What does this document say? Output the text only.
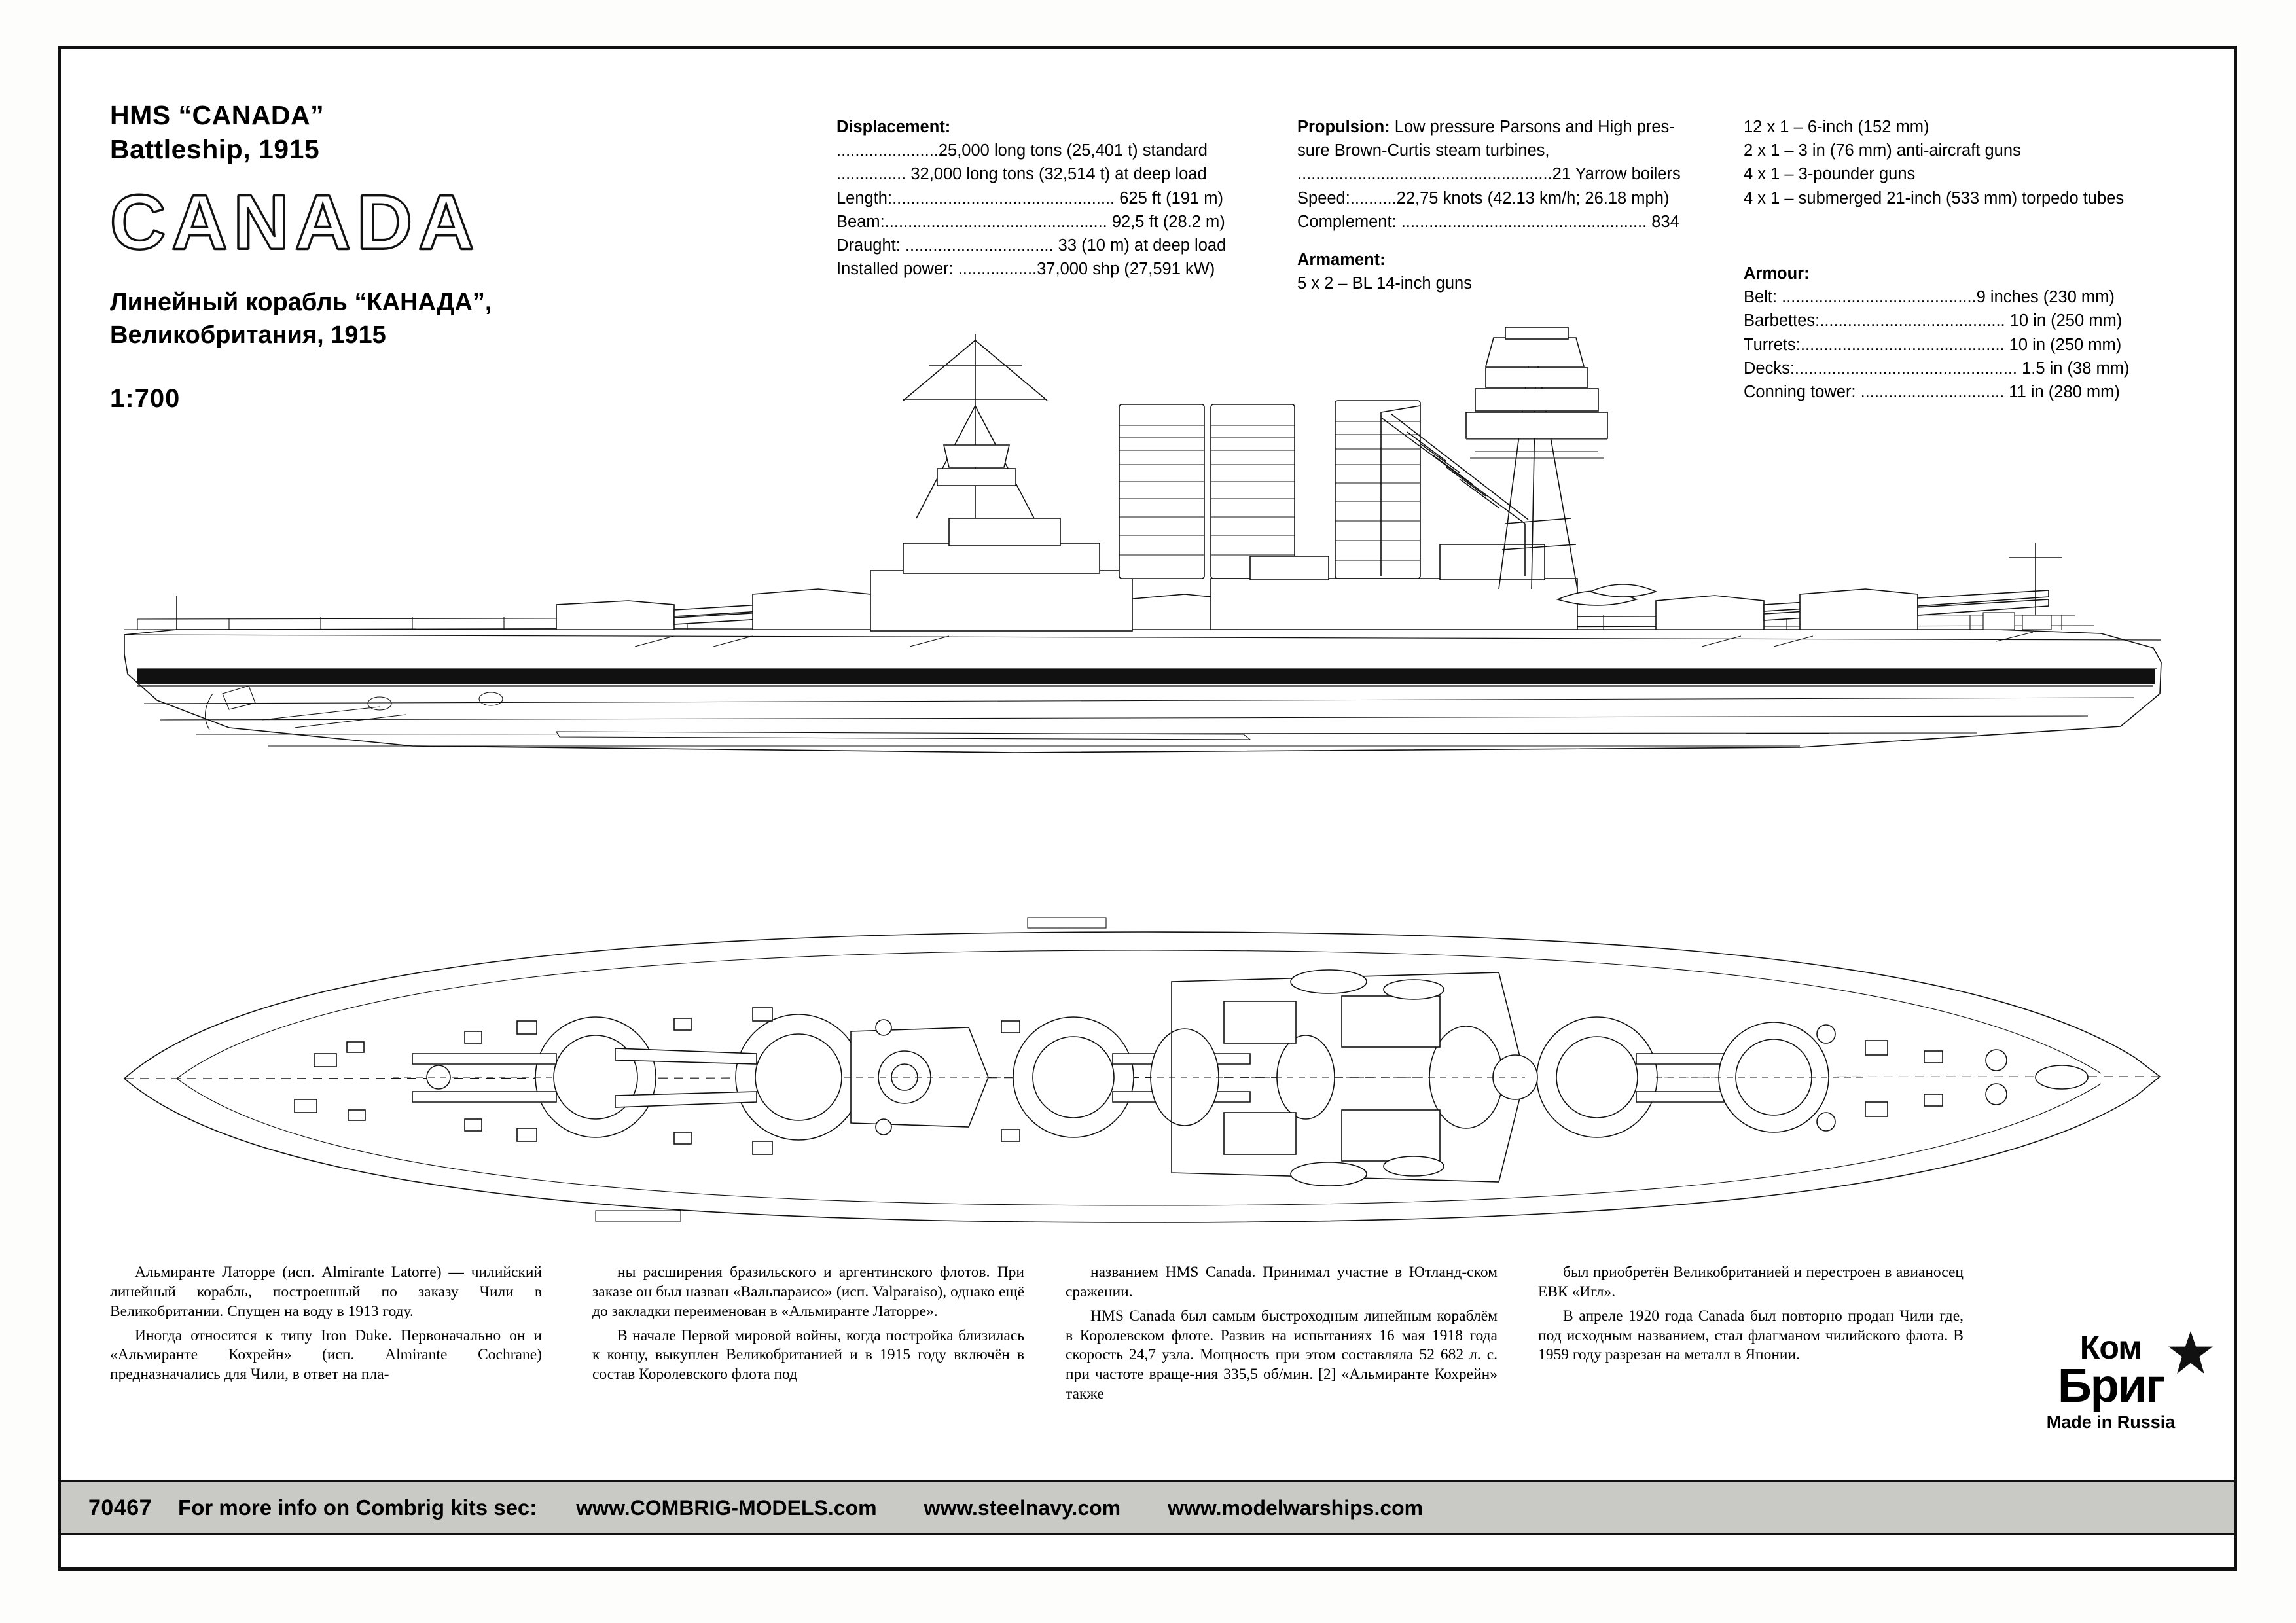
HMS “CANADA”
Battleship, 1915
CANADA
Линейный корабль “КАНАДА”,
Великобритания, 1915
1:700
Displacement:
......................25,000 long tons (25,401 t) standard
............... 32,000 long tons (32,514 t) at deep load
Length:................................................ 625 ft (191 m)
Beam:................................................ 92,5 ft (28.2 m)
Draught: ................................ 33 (10 m) at deep load
Installed power: .................37,000 shp (27,591 kW)
Propulsion: Low pressure Parsons and High pres-
sure Brown-Curtis steam turbines,
.......................................................21 Yarrow boilers
Speed:..........22,75 knots (42.13 km/h; 26.18 mph)
Complement: ..................................................... 834
Armament:
5 x 2 – BL 14-inch guns
12 x 1 – 6-inch (152 mm)
2 x 1 – 3 in (76 mm) anti-aircraft guns
4 x 1 – 3-pounder guns
4 x 1 – submerged 21-inch (533 mm) torpedo tubes
Armour:
Belt: ..........................................9 inches (230 mm)
Barbettes:........................................ 10 in (250 mm)
Turrets:............................................ 10 in (250 mm)
Decks:................................................ 1.5 in (38 mm)
Conning tower: ............................... 11 in (280 mm)

Альмиранте Латорре (исп. Almirante Latorre) — чилийский линейный корабль, построенный по заказу Чили в Великобритании. Спущен на воду в 1913 году.

Иногда относится к типу Iron Duke. Первоначально он и «Альмиранте Кохрейн» (исп. Almirante Cochrane) предназначались для Чили, в ответ на пла-

ны расширения бразильского и аргентинского флотов. При заказе он был назван «Вальпараисо» (исп. Valparaiso), однако ещё до закладки переименован в «Альмиранте Латорре».

В начале Первой мировой войны, когда постройка близилась к концу, выкуплен Великобританией и в 1915 году включён в состав Королевского флота под

названием HMS Canada. Принимал участие в Ютланд-ском сражении.

HMS Canada был самым быстроходным линейным кораблём в Королевском флоте. Развив на испытаниях 16 мая 1918 года скорость 24,7 узла. Мощность при этом составляла 52 682 л. с. при частоте враще-ния 335,5 об/мин. [2] «Альмиранте Кохрейн» также

был приобретён Великобританией и перестроен в авианосец ЕВК «Игл».

В апреле 1920 года Canada был повторно продан Чили где, под исходным названием, стал флагманом чилийского флота. В 1959 году разрезан на металл в Японии.	Ком
Бриг
Made in Russia
70467 For more info on Combrig kits sec: www.COMBRIG-MODELS.com www.steelnavy.com www.modelwarships.com
